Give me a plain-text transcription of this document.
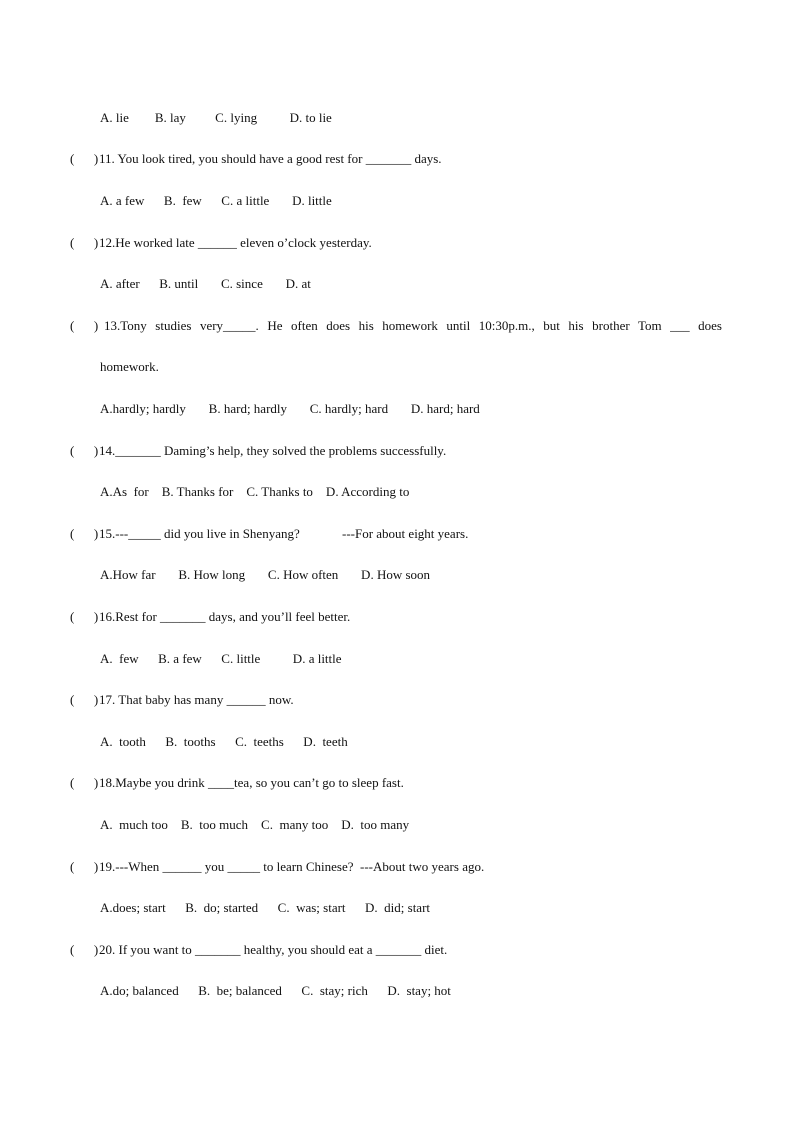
A. lie        B. lay         C. lying          D. to lie
(      ) 11. You look tired, you should have a good rest for _______ days.
A. a few      B.  few      C. a little       D. little
(      ) 12.He worked late ______ eleven o’clock yesterday.
A. after      B. until       C. since       D. at
(      ) 13.Tony studies very_____. He often does his homework until 10:30p.m., but his brother Tom ___ does
homework.
A.hardly; hardly       B. hard; hardly       C. hardly; hard       D. hard; hard
(      ) 14._______ Daming’s help, they solved the problems successfully.
A.As  for    B. Thanks for    C. Thanks to    D. According to
(      ) 15.---_____ did you live in Shenyang?             ---For about eight years.
A.How far       B. How long       C. How often       D. How soon
(      ) 16.Rest for _______ days, and you’ll feel better.
A.  few      B. a few      C. little          D. a little
(      ) 17. That baby has many ______ now.
A.  tooth      B.  tooths      C.  teeths      D.  teeth
(      ) 18.Maybe you drink ____tea, so you can’t go to sleep fast.
A.  much too    B.  too much    C.  many too    D.  too many
(      ) 19.---When ______ you _____ to learn Chinese?  ---About two years ago.
A.does; start      B.  do; started      C.  was; start      D.  did; start
(      ) 20. If you want to _______ healthy, you should eat a _______ diet.
A.do; balanced      B.  be; balanced      C.  stay; rich      D.  stay; hot
